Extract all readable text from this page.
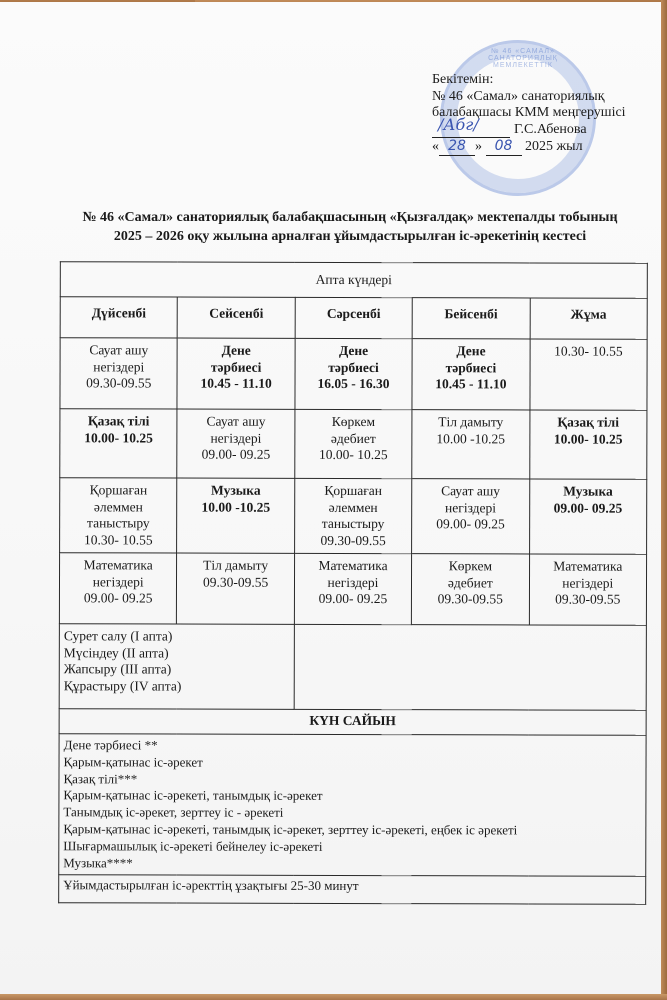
№ 46 «САМАЛ» САНАТОРИЯЛЫҚ МЕМЛЕКЕТТІК
Бекітемін:
№ 46 «Самал» санаториялық
балабақшасы КММ меңгерушісі
∕Абг∕	Г.С.Абенова
« 28 » 08 2025 жыл
№ 46 «Самал» санаториялық балабақшасының «Қызғалдақ» мектепалды тобының
2025 – 2026 оқу жылына арналған ұйымдастырылған іс-әрекетінің кестесі
Апта күндері				
Дүйсенбі	Сейсенбі	Сәрсенбі	Бейсенбі	Жұма

Сауат ашу
негіздері
09.30-09.55	Дене
тәрбиесі
10.45 - 11.10	Дене
тәрбиесі
16.05 - 16.30	Дене
тәрбиесі
10.45 - 11.10	10.30- 10.55

Қазақ тілі
10.00- 10.25	Сауат ашу
негіздері
09.00- 09.25	Көркем
әдебиет
10.00- 10.25	Тіл дамыту
10.00 -10.25	Қазақ тілі
10.00- 10.25

Қоршаған
әлеммен
таныстыру
10.30- 10.55	Музыка
10.00 -10.25	Қоршаған
әлеммен
таныстыру
09.30-09.55	Сауат ашу
негіздері
09.00- 09.25	Музыка
09.00- 09.25

Математика
негіздері
09.00- 09.25	Тіл дамыту
09.30-09.55	Математика
негіздері
09.00- 09.25	Көркем
әдебиет
09.30-09.55	Математика
негіздері
09.30-09.55

Сурет салу (I апта)
Мүсіндеу (II апта)
Жапсыру (III апта)
Құрастыру (IV апта)				

КҮН САЙЫН				

Дене тәрбиесі **
Қарым-қатынас іс-әрекет
Қазақ тілі***
Қарым-қатынас іс-әрекеті, танымдық іс-әрекет
Танымдық іс-әрекет, зерттеу іс - әрекеті
Қарым-қатынас іс-әрекеті, танымдық іс-әрекет, зерттеу іс-әрекеті, еңбек іс әрекеті
Шығармашылық іс-әрекеті бейнелеу іс-әрекеті
Музыка****

Ұйымдастырылған іс-әректтің ұзақтығы 25-30 минут				
